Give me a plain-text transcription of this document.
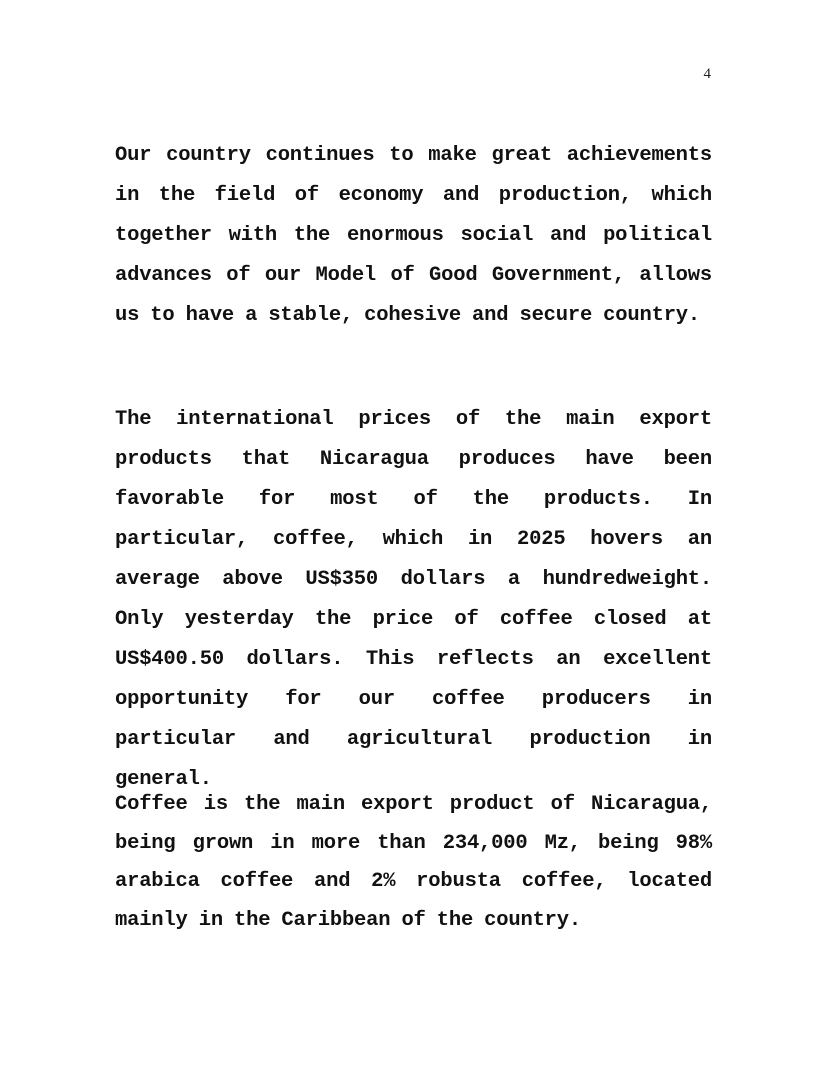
4

Our country continues to make great achievements in the field of economy and production, which together with the enormous social and political advances of our Model of Good Government, allows us to have a stable, cohesive and secure country.

The international prices of the main export products that Nicaragua produces have been favorable for most of the products. In particular, coffee, which in 2025 hovers an average above US$350 dollars a hundredweight. Only yesterday the price of coffee closed at US$400.50 dollars. This reflects an excellent opportunity for our coffee producers in particular and agricultural production in general.

Coffee is the main export product of Nicaragua, being grown in more than 234,000 Mz, being 98% arabica coffee and 2% robusta coffee, located mainly in the Caribbean of the country.
